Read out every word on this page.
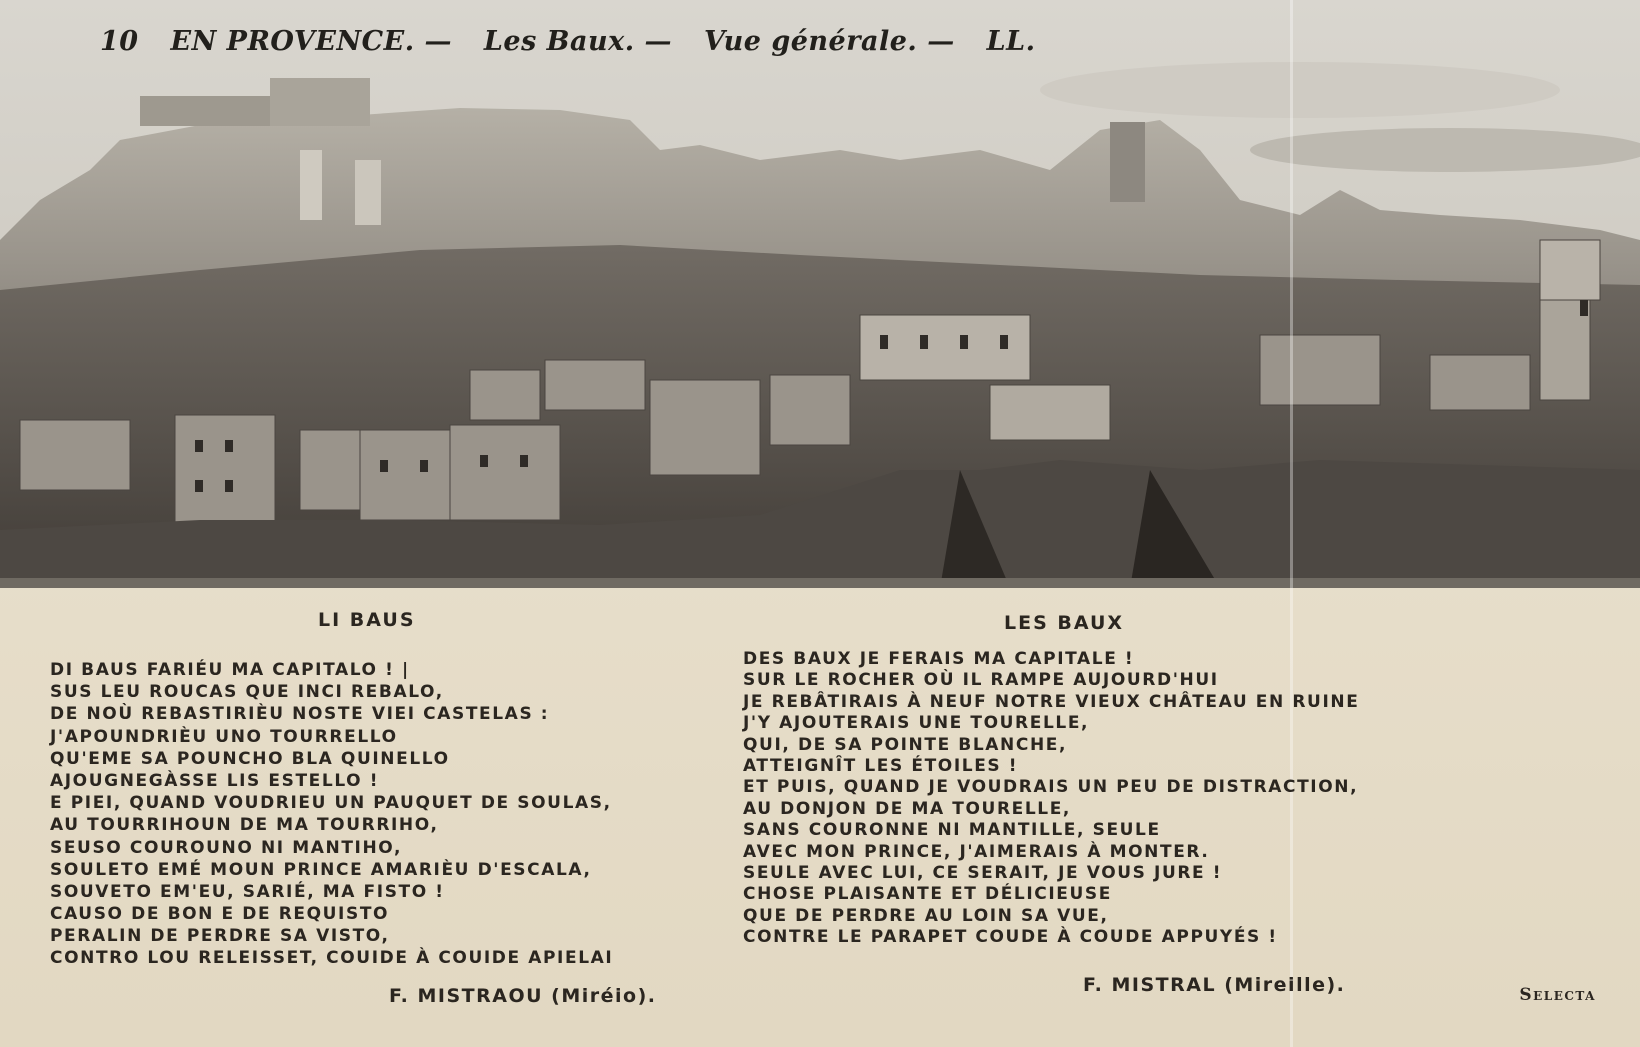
10 EN PROVENCE. — Les Baux. — Vue générale. — LL.
LI BAUS
DI BAUS FARIÉU MA CAPITALO ! |
SUS LEU ROUCAS QUE INCI REBALO,
DE NOÙ REBASTIRIÈU NOSTE VIEI CASTELAS :
J'APOUNDRIÈU UNO TOURRELLO
QU'EME SA POUNCHO BLA QUINELLO
AJOUGNEGÀSSE LIS ESTELLO !
E PIEI, QUAND VOUDRIEU UN PAUQUET DE SOULAS,
AU TOURRIHOUN DE MA TOURRIHO,
SEUSO COUROUNO NI MANTIHO,
SOULETO EMÉ MOUN PRINCE AMARIÈU D'ESCALA,
SOUVETO EM'EU, SARIÉ, MA FISTO !
CAUSO DE BON E DE REQUISTO
PERALIN DE PERDRE SA VISTO,
CONTRO LOU RELEISSET, COUIDE À COUIDE APIELAI
F. MISTRAOU (Miréio).
LES BAUX
DES BAUX JE FERAIS MA CAPITALE !
SUR LE ROCHER OÙ IL RAMPE AUJOURD'HUI
JE REBÂTIRAIS À NEUF NOTRE VIEUX CHÂTEAU EN RUINE
J'Y AJOUTERAIS UNE TOURELLE,
QUI, DE SA POINTE BLANCHE,
ATTEIGNÎT LES ÉTOILES !
ET PUIS, QUAND JE VOUDRAIS UN PEU DE DISTRACTION,
AU DONJON DE MA TOURELLE,
SANS COURONNE NI MANTILLE, SEULE
AVEC MON PRINCE, J'AIMERAIS À MONTER.
SEULE AVEC LUI, CE SERAIT, JE VOUS JURE !
CHOSE PLAISANTE ET DÉLICIEUSE
QUE DE PERDRE AU LOIN SA VUE,
CONTRE LE PARAPET COUDE À COUDE APPUYÉS !
F. MISTRAL (Mireille).	Selecta
